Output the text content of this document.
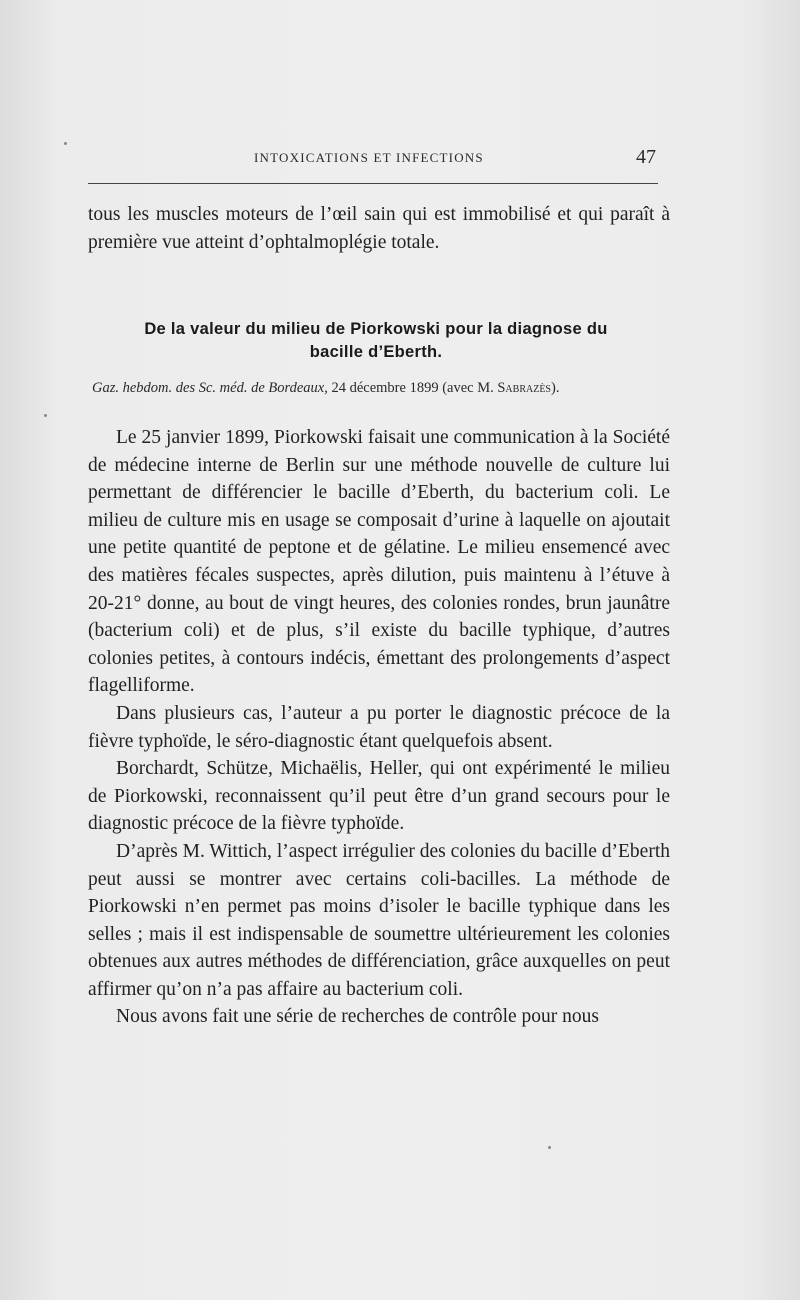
INTOXICATIONS ET INFECTIONS	47

tous les muscles moteurs de l’œil sain qui est immobilisé et qui paraît à première vue atteint d’ophtalmoplégie totale.

De la valeur du milieu de Piorkowski pour la diagnose du
bacille d’Eberth.
Gaz. hebdom. des Sc. méd. de Bordeaux, 24 décembre 1899 (avec M. Sabrazès).

Le 25 janvier 1899, Piorkowski faisait une communication à la Société de médecine interne de Berlin sur une méthode nouvelle de culture lui permettant de différencier le bacille d’Eberth, du bacterium coli. Le milieu de culture mis en usage se composait d’urine à laquelle on ajoutait une petite quantité de peptone et de gélatine. Le milieu ensemencé avec des matières fécales suspectes, après dilution, puis maintenu à l’étuve à 20-21° donne, au bout de vingt heures, des colonies rondes, brun jaunâtre (bacterium coli) et de plus, s’il existe du bacille typhique, d’autres colonies petites, à contours indécis, émettant des prolongements d’aspect flagelliforme.

Dans plusieurs cas, l’auteur a pu porter le diagnostic précoce de la fièvre typhoïde, le séro-diagnostic étant quelquefois absent.

Borchardt, Schütze, Michaëlis, Heller, qui ont expérimenté le milieu de Piorkowski, reconnaissent qu’il peut être d’un grand secours pour le diagnostic précoce de la fièvre typhoïde.

D’après M. Wittich, l’aspect irrégulier des colonies du bacille d’Eberth peut aussi se montrer avec certains coli-bacilles. La méthode de Piorkowski n’en permet pas moins d’isoler le bacille typhique dans les selles ; mais il est indispensable de soumettre ultérieurement les colonies obtenues aux autres méthodes de différenciation, grâce auxquelles on peut affirmer qu’on n’a pas affaire au bacterium coli.

Nous avons fait une série de recherches de contrôle pour nous
